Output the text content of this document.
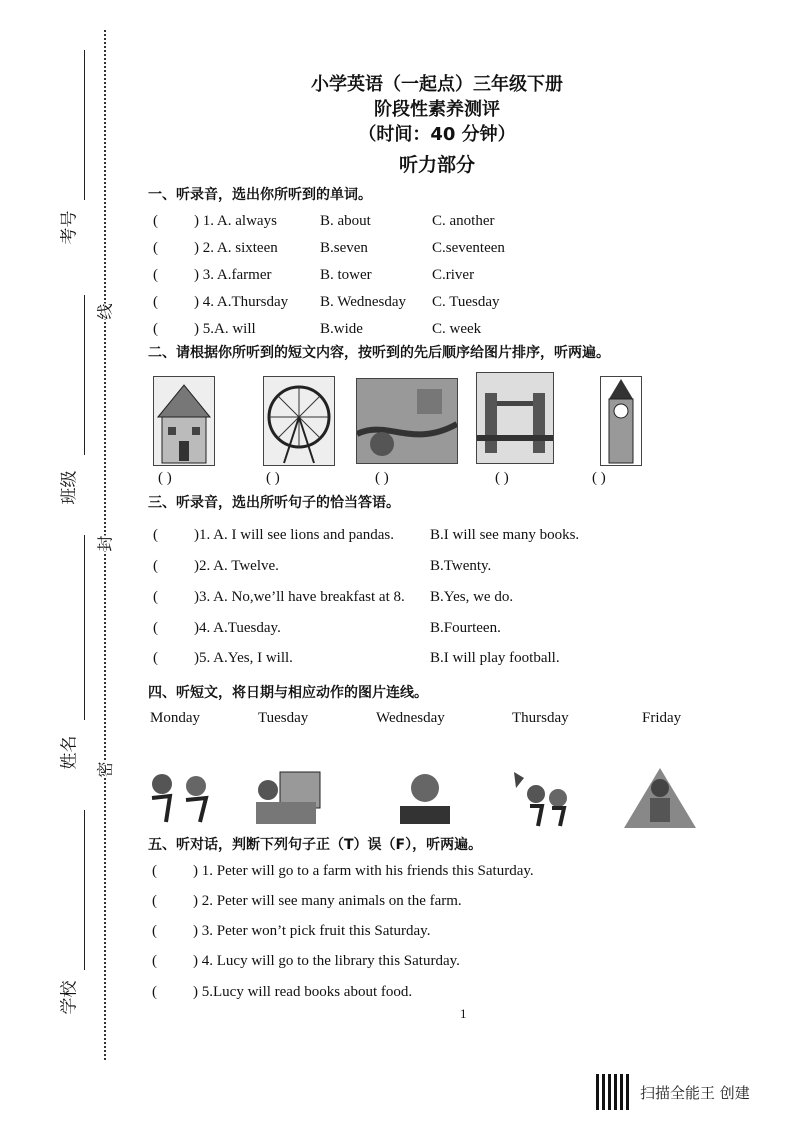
考号
班级
姓名
学校
线
封
密
小学英语（一起点）三年级下册
阶段性素养测评
（时间：40 分钟）
听力部分
一、听录音，选出你所听到的单词。
二、请根据你所听到的短文内容，按听到的先后顺序给图片排序，听两遍。
( )	( )	( )	( )	( )
三、听录音，选出所听句子的恰当答语。
四、听短文，将日期与相应动作的图片连线。
Monday	Tuesday	Wednesday	Thursday	Friday
五、听对话，判断下列句子正（T）误（F），听两遍。
1
扫描全能王 创建
( ) 1. A. always	B. about	C. another
( ) 2. A. sixteen	B.seven	C.seventeen
( ) 3. A.farmer	B. tower	C.river
( ) 4. A.Thursday B. Wednesday C. Tuesday
( ) 5.A. will	B.wide	C. week
( )1. A. I will see lions and pandas. B.I will see many books.
( )2. A. Twelve.	B.Twenty.
( )3. A. No,we’ll have breakfast at 8. B.Yes, we do.
( )4. A.Tuesday.	B.Fourteen.
( )5. A.Yes, I will.	B.I will play football.
( ) 1. Peter will go to a farm with his friends this Saturday.
( ) 2. Peter will see many animals on the farm.
( ) 3. Peter won’t pick fruit this Saturday.
( ) 4. Lucy will go to the library this Saturday.
( ) 5.Lucy will read books about food.
